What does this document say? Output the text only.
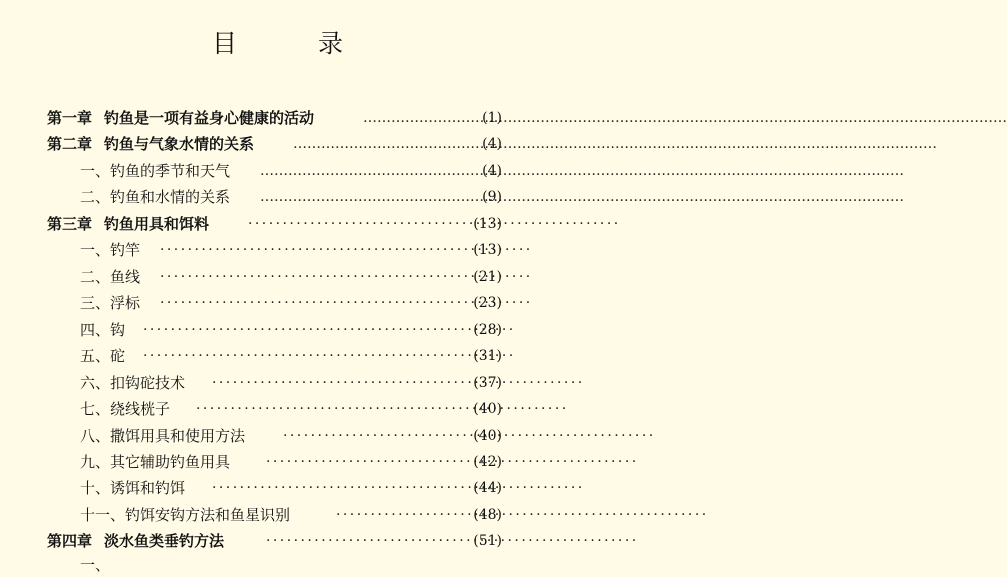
目	录
第一章 钓鱼是一项有益身心健康的活动 …………………………………………………………………………………………………………………………	(1)
第二章 钓鱼与气象水情的关系 …………………………………………………………………………………………………………………………	(4)
一、钓鱼的季节和天气 …………………………………………………………………………………………………………………………	(4)
二、钓鱼和水情的关系 …………………………………………………………………………………………………………………………	(9)
第三章 钓鱼用具和饵料 · · ·	(13)
一、钓竿 · · ·	(13)
二、鱼线 · · ·	(21)
三、浮标 · · ·	(23)
四、钩 · · ·	(28)
五、砣 · · ·	(31)
六、扣钩砣技术 · · ·	(37)
七、绕线桄子 · · ·	(40)
八、撒饵用具和使用方法 · · ·	(40)
九、其它辅助钓鱼用具 · · ·	(42)
十、诱饵和钓饵 · · ·	(44)
十一、钓饵安钩方法和鱼星识别 · · ·	(48)
第四章 淡水鱼类垂钓方法 · · ·	(51)
一、
